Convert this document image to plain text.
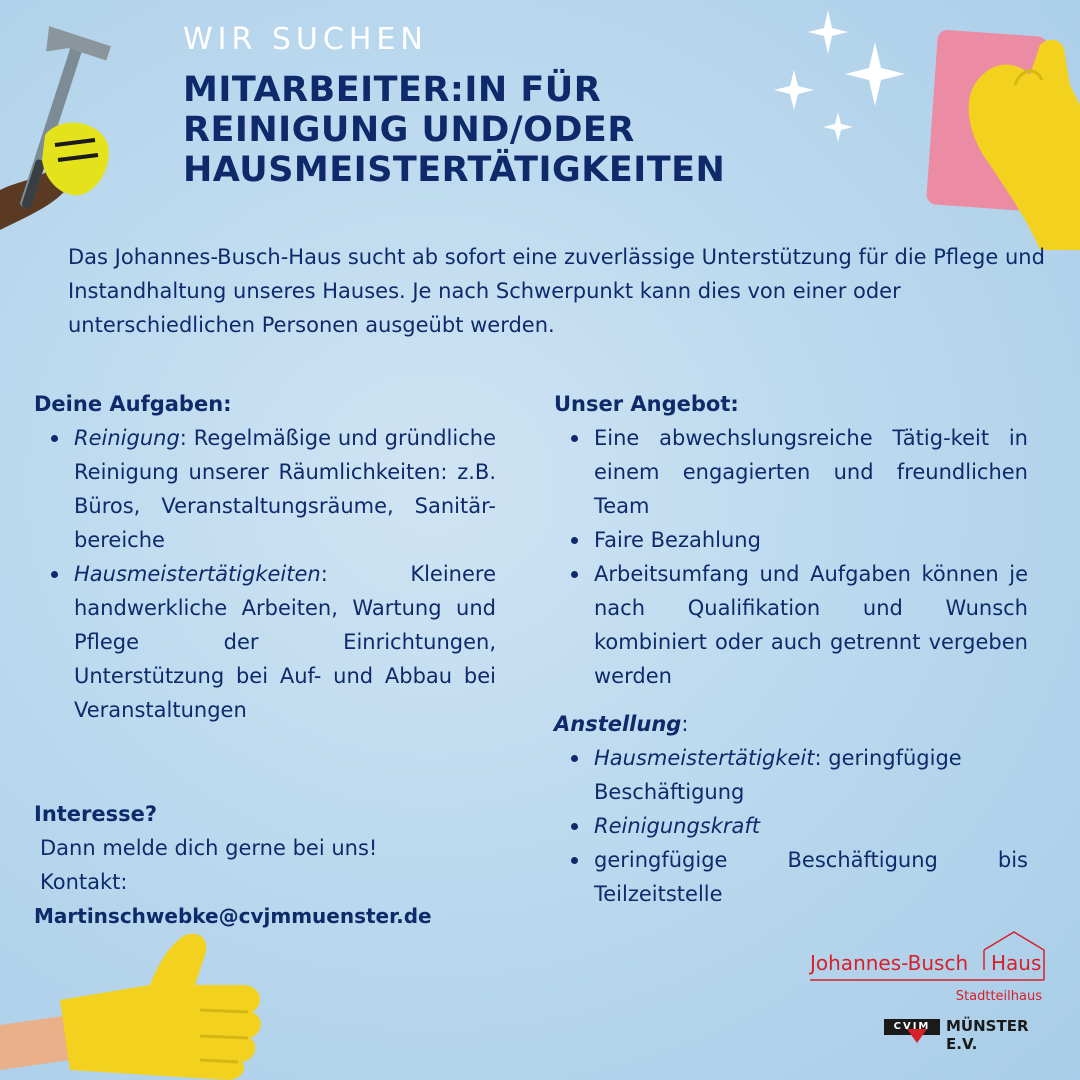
WIR SUCHEN
MITARBEITER:IN FÜR
REINIGUNG UND/ODER
HAUSMEISTERTÄTIGKEITEN

Das Johannes-Busch-Haus sucht ab sofort eine zuverlässige Unterstützung für die Pflege und Instandhaltung unseres Hauses. Je nach Schwerpunkt kann dies von einer oder unterschiedlichen Personen ausgeübt werden.

Deine Aufgaben:
Reinigung: Regelmäßige und gründliche Reinigung unserer Räumlichkeiten: z.B. Büros, Veranstaltungsräume, Sanitär-bereiche
Hausmeistertätigkeiten: Kleinere handwerkliche Arbeiten, Wartung und Pflege der Einrichtungen, Unterstützung bei Auf- und Abbau bei Veranstaltungen
Unser Angebot:
Eine abwechslungsreiche Tätig-keit in einem engagierten und freundlichen Team
Faire Bezahlung
Arbeitsumfang und Aufgaben können je nach Qualifikation und Wunsch kombiniert oder auch getrennt vergeben werden
Anstellung:
Hausmeistertätigkeit: geringfügige Beschäftigung
Reinigungskraft
geringfügige Beschäftigung bis Teilzeitstelle
Interesse?
Dann melde dich gerne bei uns!
Kontakt:
Martinschwebke@cvjmmuenster.de
Johannes-Busch Haus
Stadtteilhaus
CVJM	MÜNSTER E.V.
